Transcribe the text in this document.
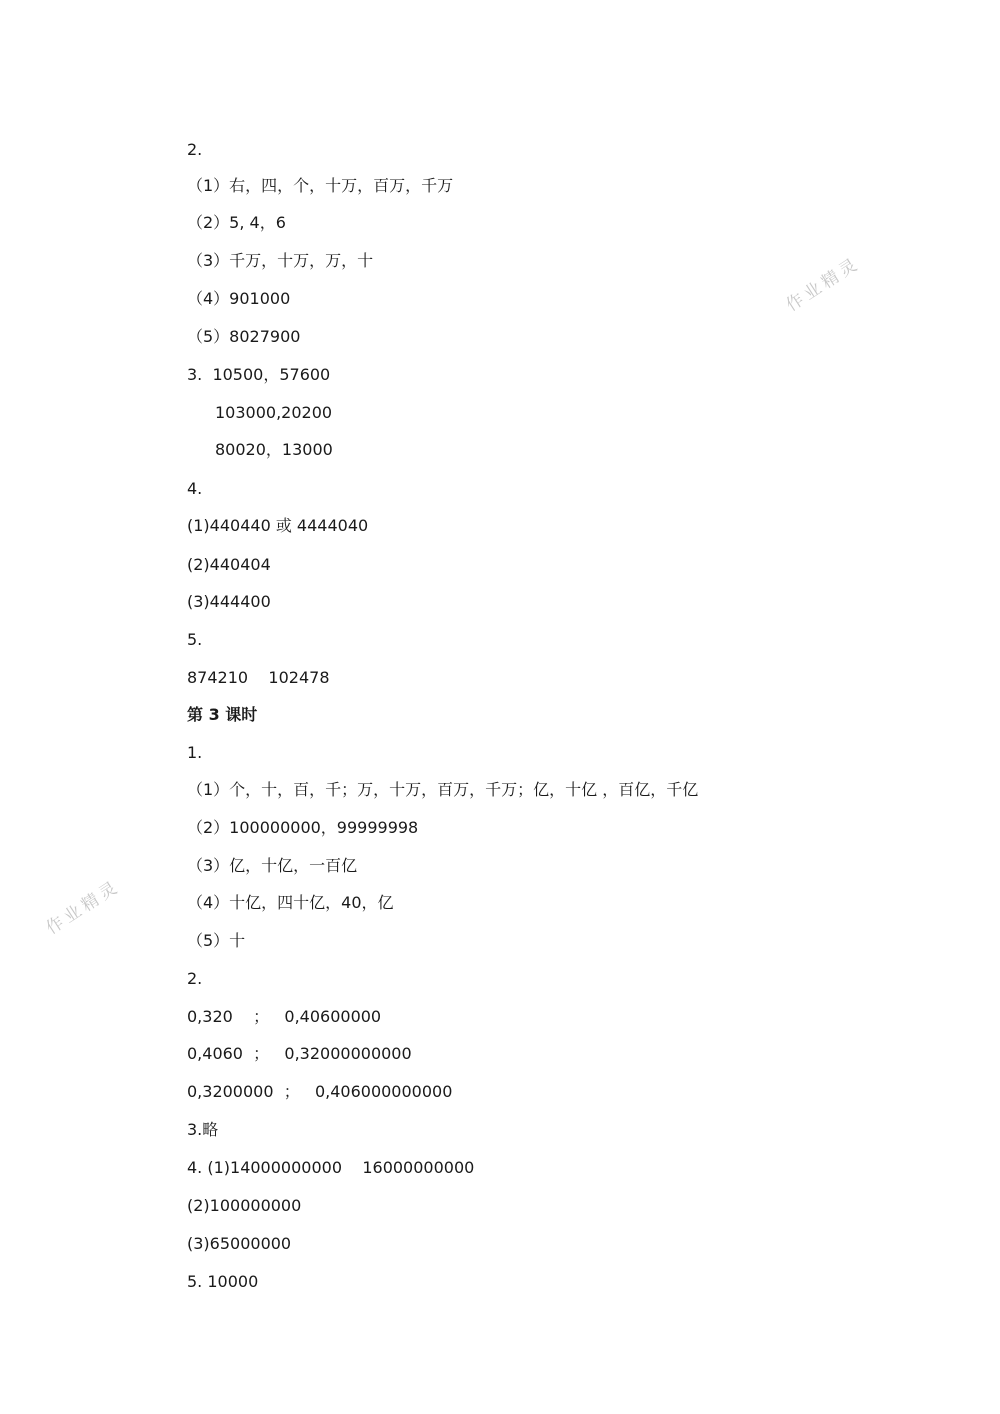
2.
（1）右，四，个，十万，百万，千万
（2）5, 4，6
（3）千万，十万，万，十
（4）901000
（5）8027900
3.  10500，57600
103000,20200
80020，13000
4.
(1)440440 或 4444040
(2)440404
(3)444400
5.
874210    102478
第 3 课时
1.
（1）个，十，百，千；万，十万，百万，千万；亿，十亿 ，百亿，千亿
（2）100000000，99999998
（3）亿，十亿，一百亿
（4）十亿，四十亿，40，亿
（5）十
2.
0,320    ；   0,40600000
0,4060  ；   0,32000000000
0,3200000  ；   0,406000000000
3.略
4. (1)14000000000    16000000000
(2)100000000
(3)65000000
5. 10000
作业精灵
作业精灵
